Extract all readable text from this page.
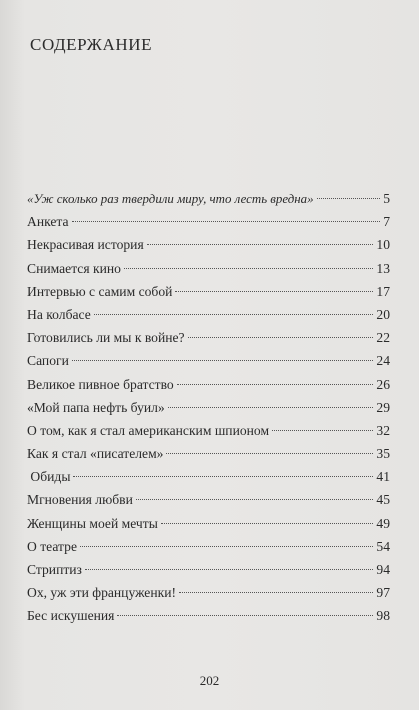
СОДЕРЖАНИЕ
«Уж сколько раз твердили миру, что лесть вредна»	5
Анкета	7
Некрасивая история	10
Снимается кино	13
Интервью с самим собой	17
На колбасе	20
Готовились ли мы к войне?	22
Сапоги	24
Великое пивное братство	26
«Мой папа нефть буил»	29
О том, как я стал американским шпионом	32
Как я стал «писателем»	35
Обиды	41
Мгновения любви	45
Женщины моей мечты	49
О театре	54
Стриптиз	94
Ох, уж эти француженки!	97
Бес искушения	98
202
